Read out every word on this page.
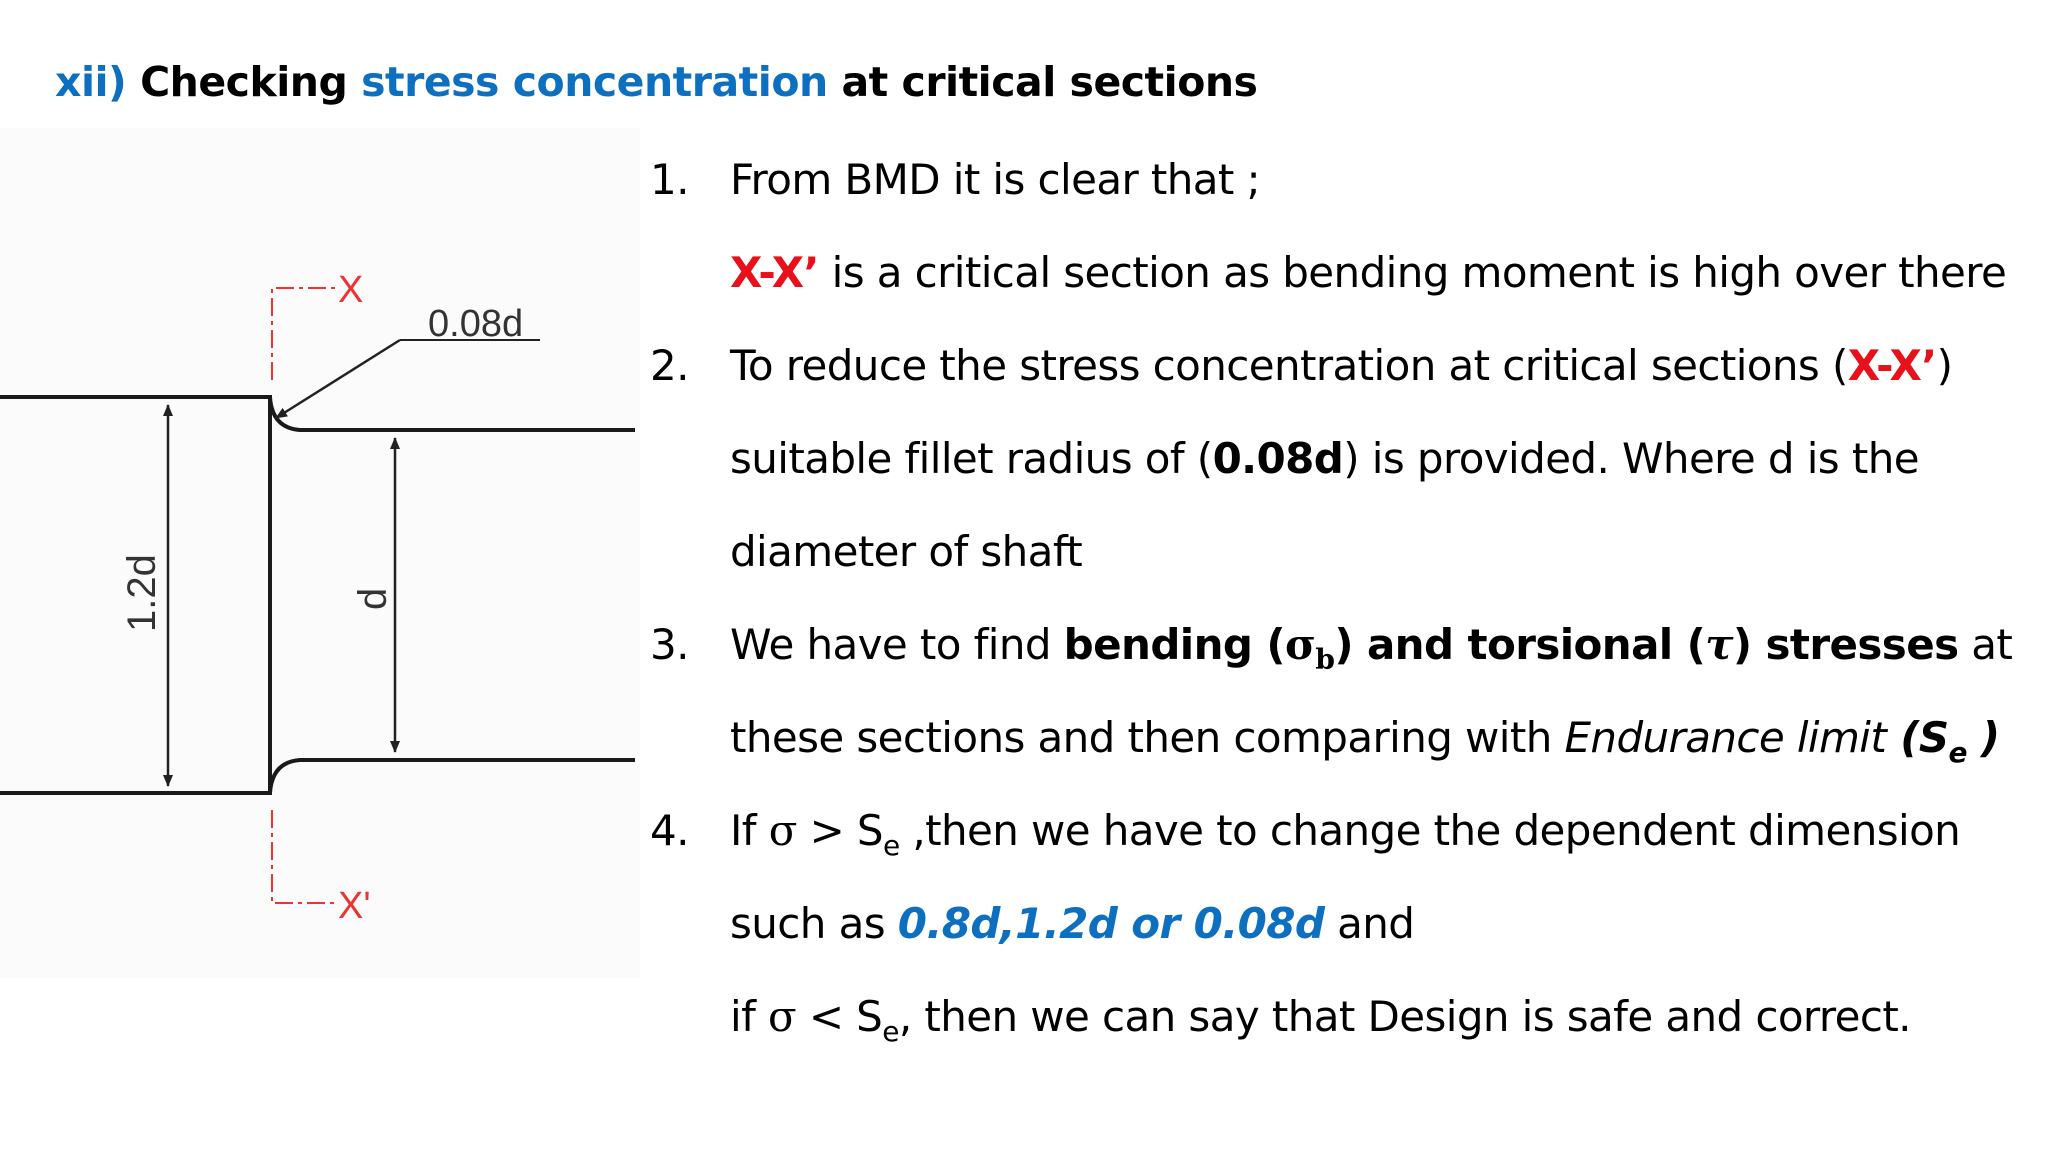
xii) Checking stress concentration at critical sections
X
X'
0.08d
1.2d	d
1. From BMD it is clear that ;
X-X’ is a critical section as bending moment is high over there
2. To reduce the stress concentration at critical sections (X-X’)
suitable fillet radius of (0.08d) is provided. Where d is the
diameter of shaft
3. We have to find bending $(\sigma_b)$ and torsional (τ) stresses at
these sections and then comparing with Endurance limit ($S_e$ )
4. If $\sigma > S_e$ ,then we have to change the dependent dimension
such as 0.8d,1.2d or 0.08d and
if $\sigma < S_e$, then we can say that Design is safe and correct.
